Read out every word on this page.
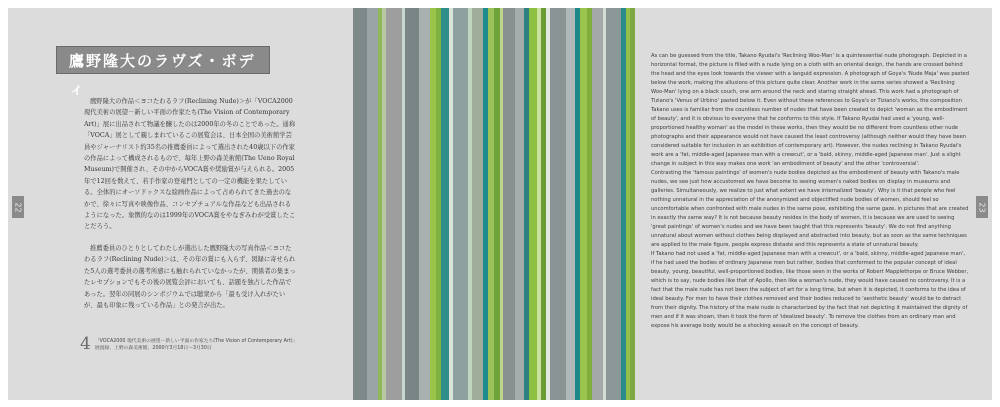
鷹野隆大のラヴズ・ボディ

鷹野隆大の作品＜ヨコたわるラフ(Reclining Nude)＞が「VOCA2000現代美術の展望－新しい平面の作家たち(The Vision of Contemporary Art)」展に出品されて物議を醸したのは2000年の冬のことであった。通称「VOCA」展として親しまれているこの展覧会は、日本全国の美術館学芸員やジャーナリスト約35名の推薦委員によって選出された40歳以下の作家の作品によって構成されるもので、毎年上野の森美術館(The Ueno Royal Museum)で開催され、その中からVOCA賞や奨励賞が与えられる。2005年で12回を数えて、若手作家の登竜門としての一定の機能を果たしている。全体的にオーソドックスな絵画作品によって占められてきた過去のなかで、徐々に写真や映像作品、コンセプチュアルな作品なども出品されるようになった。象徴的なのは1999年のVOCA賞をやなぎみわが受賞したことだろう。

推薦委員のひとりとしてわたしが選出した鷹野隆大の写真作品＜ヨコたわるラフ(Reclining Nude)＞は、その年の賞にも入らず、図録に寄せられた5人の選考委員の選考所感にも触れられていなかったが、関係者の集まったレセプションでもその後の展覧会評においても、話題を独占した作品であった。翌年の同展のシンポジウムでは聴衆から「最も受け入れがたいが、最も印象に残っている作品」との発言が出た。

4 「VOCA2000 現代美術の展望－新しい平面の作家たち(The Vision of Contemporary Art)」展図録、上野の森美術館、2000年3月18日～3月30日
22	23

As can be guessed from the title, Takano Ryudai's 'Reclining Woo-Man' is a quintessential nude photograph. Depicted in a horizontal format, the picture is filled with a nude lying on a cloth with an oriental design, the hands are crossed behind the head and the eyes look towards the viewer with a languid expression. A photograph of Goya's 'Nude Maja' was pasted below the work, making the allusions of this picture quite clear. Another work in the same series showed a 'Reclining Woo-Man' lying on a black couch, one arm around the neck and staring straight ahead. This work had a photograph of Tiziano's 'Venus of Urbino' pasted below it. Even without these references to Goya's or Tiziano's works, the composition Takano uses is familiar from the countless number of nudes that have been created to depict 'woman as the embodiment of beauty', and it is obvious to everyone that he conforms to this style. If Takano Ryudai had used a 'young, well-proportioned healthy woman' as the model in these works, then they would be no different from countless other nude photographs and their appearance would not have caused the least controversy (although neither would they have been considered suitable for inclusion in an exhibition of contemporary art). However, the nudes reclining in Takano Ryudai's work are a 'fat, middle-aged Japanese man with a crewcut', or a 'bald, skinny, middle-aged Japanese man'. Just a slight change in subject in this way makes one work 'an embodiment of beauty' and the other 'controversial'.

Contrasting the 'famous paintings' of women's nude bodies depicted as the embodiment of beauty with Takano's male nudes, we see just how accustomed we have become to seeing women's naked bodies on display in museums and galleries. Simultaneously, we realize to just what extent we have internalized 'beauty'. Why is it that people who feel nothing unnatural in the appreciation of the anonymized and objectified nude bodies of women, should feel so uncomfortable when confronted with male nudes in the same pose, exhibiting the same gaze, in pictures that are created in exactly the same way? It is not because beauty resides in the body of women, it is because we are used to seeing 'great paintings' of women's nudes and we have been taught that this represents 'beauty'. We do not find anything unnatural about women without clothes being displayed and abstracted into beauty, but as soon as the same techniques are applied to the male figure, people express distaste and this represents a state of unnatural beauty.

If Takano had not used a 'fat, middle-aged Japanese man with a crewcut', or a 'bald, skinny, middle-aged Japanese man', if he had used the bodies of ordinary Japanese men but rather, bodies that conformed to the popular concept of ideal beauty, young, beautiful, well-proportioned bodies, like those seen in the works of Robert Mapplethorpe or Bruce Webber, which is to say, nude bodies like that of Apollo, then like a woman's nude, they would have caused no controversy. It is a fact that the male nude has not been the subject of art for a long time, but when it is depicted, it conforms to the idea of ideal beauty. For men to have their clothes removed and their bodies reduced to 'aesthetic beauty' would be to detract from their dignity. The history of the male nude is characterized by the fact that not depicting it maintained the dignity of men and if it was shown, then it took the form of 'idealized beauty'. To remove the clothes from an ordinary man and expose his average body would be a shocking assault on the concept of beauty.
